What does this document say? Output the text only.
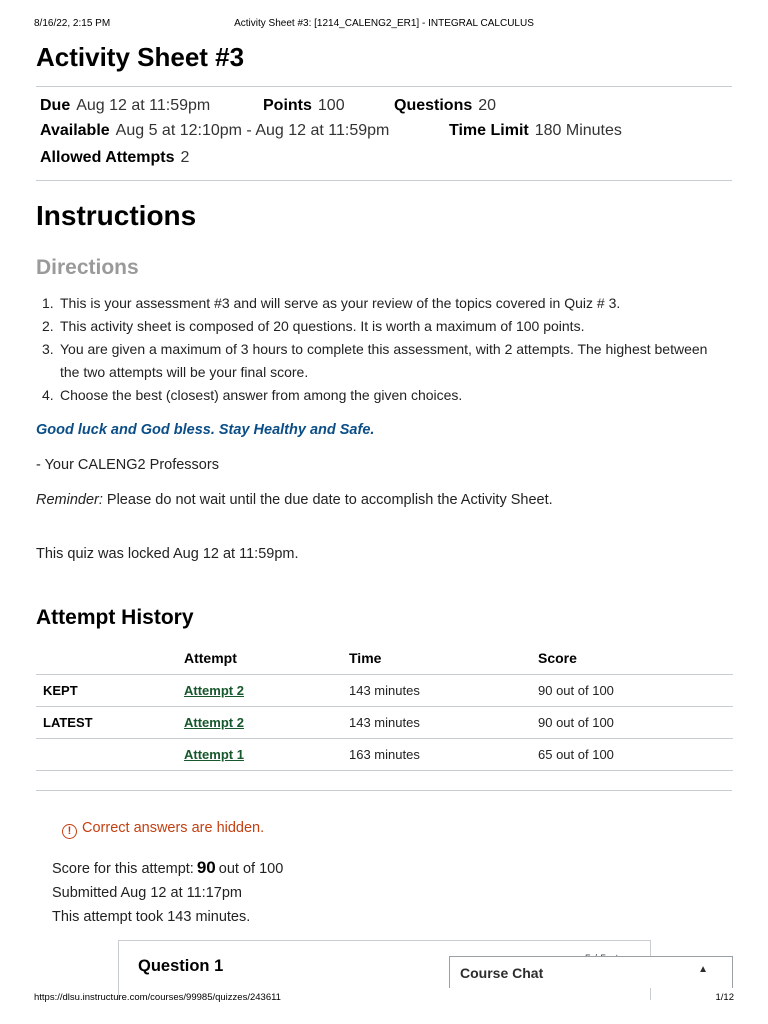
8/16/22, 2:15 PM	Activity Sheet #3: [1214_CALENG2_ER1] - INTEGRAL CALCULUS
Activity Sheet #3
Due Aug 12 at 11:59pm	Points 100	Questions 20
Available Aug 5 at 12:10pm - Aug 12 at 11:59pm	Time Limit 180 Minutes
Allowed Attempts 2
Instructions
Directions
1. This is your assessment #3 and will serve as your review of the topics covered in Quiz # 3.
2. This activity sheet is composed of 20 questions. It is worth a maximum of 100 points.
3. You are given a maximum of 3 hours to complete this assessment, with 2 attempts. The highest between the two attempts will be your final score.
4. Choose the best (closest) answer from among the given choices.

Good luck and God bless. Stay Healthy and Safe.

- Your CALENG2 Professors

Reminder: Please do not wait until the due date to accomplish the Activity Sheet.

This quiz was locked Aug 12 at 11:59pm.

Attempt History
	Attempt	Time	Score
KEPT	Attempt 2	143 minutes	90 out of 100
LATEST	Attempt 2	143 minutes	90 out of 100
	Attempt 1	163 minutes	65 out of 100
! Correct answers are hidden.
Score for this attempt: 90 out of 100
Submitted Aug 12 at 11:17pm
This attempt took 143 minutes.
Question 1	Course Chat	▲
https://dlsu.instructure.com/courses/99985/quizzes/243611	1/12
